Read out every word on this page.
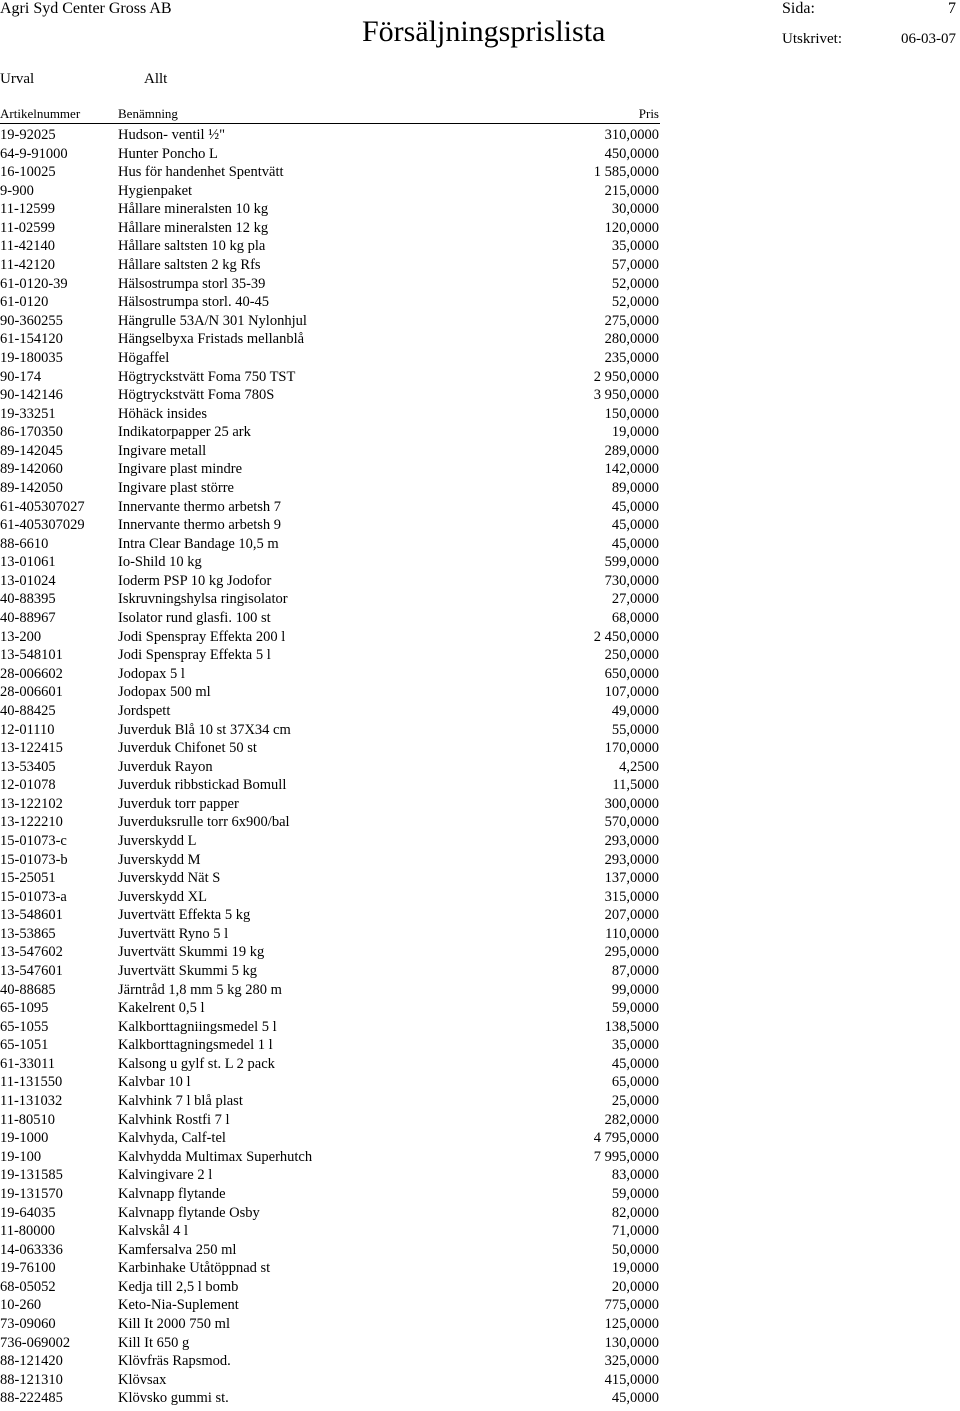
Agri Syd Center Gross AB
Försäljningsprislista
Sida:	7
Utskrivet:	06-03-07
Urval	Allt
Artikelnummer	Benämning	Pris
19-92025	Hudson- ventil ½"	310,0000
64-9-91000	Hunter Poncho L	450,0000
16-10025	Hus för handenhet Spentvätt	1 585,0000
9-900	Hygienpaket	215,0000
11-12599	Hållare mineralsten 10 kg	30,0000
11-02599	Hållare mineralsten 12 kg	120,0000
11-42140	Hållare saltsten 10 kg pla	35,0000
11-42120	Hållare saltsten 2 kg Rfs	57,0000
61-0120-39	Hälsostrumpa storl 35-39	52,0000
61-0120	Hälsostrumpa storl. 40-45	52,0000
90-360255	Hängrulle 53A/N 301 Nylonhjul	275,0000
61-154120	Hängselbyxa Fristads mellanblå	280,0000
19-180035	Högaffel	235,0000
90-174	Högtryckstvätt Foma 750 TST	2 950,0000
90-142146	Högtryckstvätt Foma 780S	3 950,0000
19-33251	Höhäck insides	150,0000
86-170350	Indikatorpapper 25 ark	19,0000
89-142045	Ingivare metall	289,0000
89-142060	Ingivare plast mindre	142,0000
89-142050	Ingivare plast större	89,0000
61-405307027 Innervante thermo arbetsh 7	45,0000
61-405307029 Innervante thermo arbetsh 9	45,0000
88-6610	Intra Clear Bandage 10,5 m	45,0000
13-01061	Io-Shild 10 kg	599,0000
13-01024	Ioderm PSP 10 kg Jodofor	730,0000
40-88395	Iskruvningshylsa ringisolator	27,0000
40-88967	Isolator rund glasfi. 100 st	68,0000
13-200	Jodi Spenspray Effekta 200 l	2 450,0000
13-548101	Jodi Spenspray Effekta 5 l	250,0000
28-006602	Jodopax 5 l	650,0000
28-006601	Jodopax 500 ml	107,0000
40-88425	Jordspett	49,0000
12-01110	Juverduk Blå 10 st 37X34 cm	55,0000
13-122415	Juverduk Chifonet 50 st	170,0000
13-53405	Juverduk Rayon	4,2500
12-01078	Juverduk ribbstickad Bomull	11,5000
13-122102	Juverduk torr papper	300,0000
13-122210	Juverduksrulle torr 6x900/bal	570,0000
15-01073-c	Juverskydd L	293,0000
15-01073-b	Juverskydd M	293,0000
15-25051	Juverskydd Nät S	137,0000
15-01073-a	Juverskydd XL	315,0000
13-548601	Juvertvätt Effekta 5 kg	207,0000
13-53865	Juvertvätt Ryno 5 l	110,0000
13-547602	Juvertvätt Skummi 19 kg	295,0000
13-547601	Juvertvätt Skummi 5 kg	87,0000
40-88685	Järntråd 1,8 mm 5 kg 280 m	99,0000
65-1095	Kakelrent 0,5 l	59,0000
65-1055	Kalkborttagniingsmedel 5 l	138,5000
65-1051	Kalkborttagningsmedel 1 l	35,0000
61-33011	Kalsong u gylf st. L 2 pack	45,0000
11-131550	Kalvbar 10 l	65,0000
11-131032	Kalvhink 7 l blå plast	25,0000
11-80510	Kalvhink Rostfi 7 l	282,0000
19-1000	Kalvhyda, Calf-tel	4 795,0000
19-100	Kalvhydda Multimax Superhutch	7 995,0000
19-131585	Kalvingivare 2 l	83,0000
19-131570	Kalvnapp flytande	59,0000
19-64035	Kalvnapp flytande Osby	82,0000
11-80000	Kalvskål 4 l	71,0000
14-063336	Kamfersalva 250 ml	50,0000
19-76100	Karbinhake Utåtöppnad st	19,0000
68-05052	Kedja till 2,5 l bomb	20,0000
10-260	Keto-Nia-Suplement	775,0000
73-09060	Kill It 2000 750 ml	125,0000
736-069002	Kill It 650 g	130,0000
88-121420	Klövfräs Rapsmod.	325,0000
88-121310	Klövsax	415,0000
88-222485	Klövsko gummi st.	45,0000
